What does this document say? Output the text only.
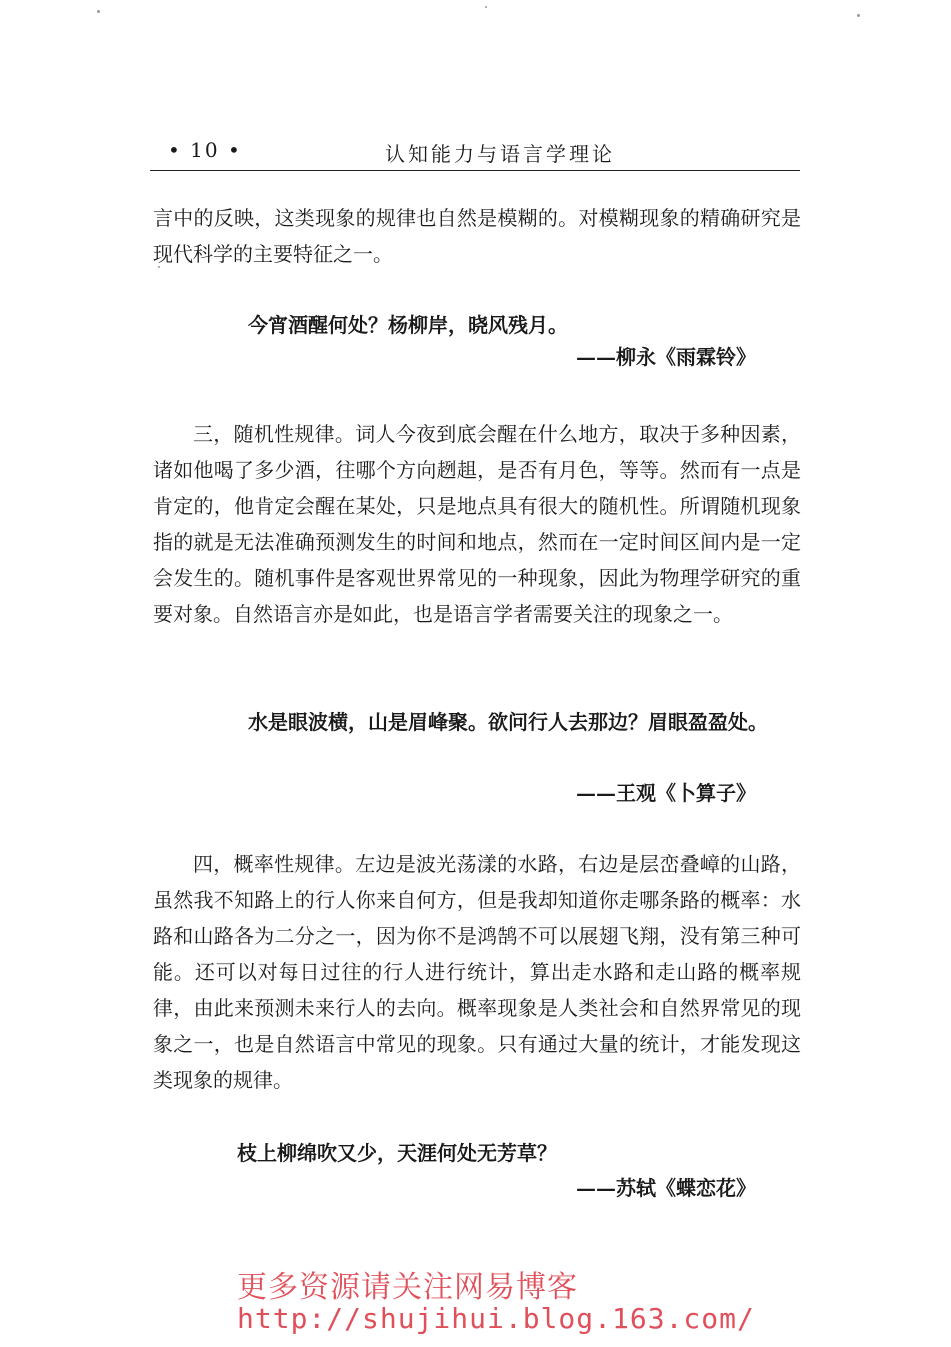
• 10 •	认知能力与语言学理论
言中的反映，这类现象的规律也自然是模糊的。对模糊现象的精确研究是现代科学的主要特征之一。
今宵酒醒何处？杨柳岸，晓风残月。
——柳永《雨霖铃》
三，随机性规律。词人今夜到底会醒在什么地方，取决于多种因素，诸如他喝了多少酒，往哪个方向趔趄，是否有月色，等等。然而有一点是肯定的，他肯定会醒在某处，只是地点具有很大的随机性。所谓随机现象指的就是无法准确预测发生的时间和地点，然而在一定时间区间内是一定会发生的。随机事件是客观世界常见的一种现象，因此为物理学研究的重要对象。自然语言亦是如此，也是语言学者需要关注的现象之一。
水是眼波横，山是眉峰聚。欲问行人去那边？眉眼盈盈处。
——王观《卜算子》
四，概率性规律。左边是波光荡漾的水路，右边是层峦叠嶂的山路，虽然我不知路上的行人你来自何方，但是我却知道你走哪条路的概率：水路和山路各为二分之一，因为你不是鸿鹄不可以展翅飞翔，没有第三种可能。还可以对每日过往的行人进行统计，算出走水路和走山路的概率规律，由此来预测未来行人的去向。概率现象是人类社会和自然界常见的现象之一，也是自然语言中常见的现象。只有通过大量的统计，才能发现这类现象的规律。
枝上柳绵吹又少，天涯何处无芳草？
——苏轼《蝶恋花》
更多资源请关注网易博客
http://shujihui.blog.163.com/
